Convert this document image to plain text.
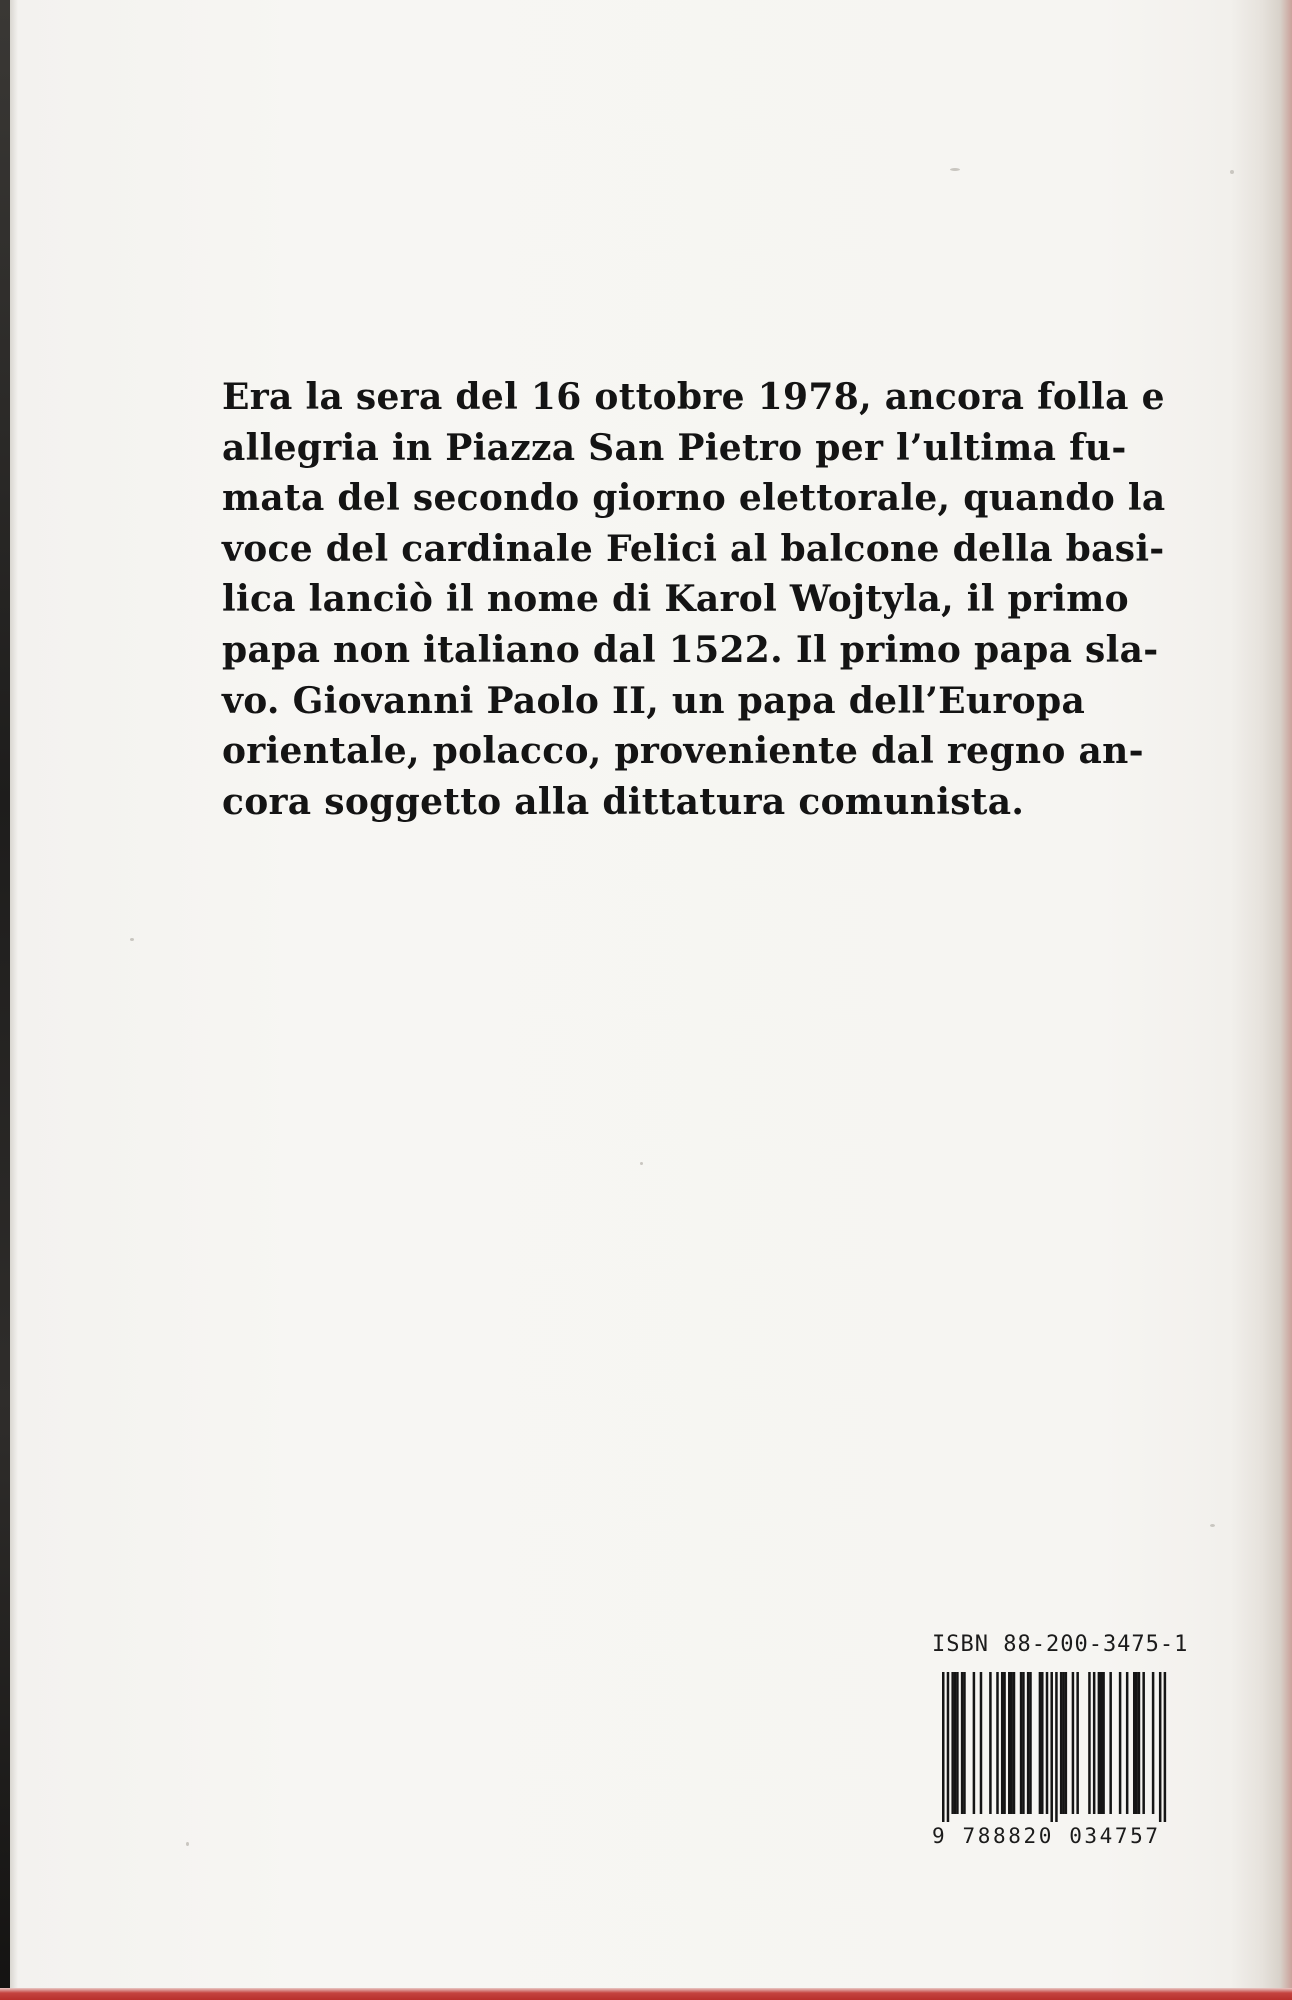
Era la sera del 16 ottobre 1978, ancora folla e
allegria in Piazza San Pietro per l’ultima fu-
mata del secondo giorno elettorale, quando la
voce del cardinale Felici al balcone della basi-
lica lanciò il nome di Karol Wojtyla, il primo
papa non italiano dal 1522. Il primo papa sla-
vo. Giovanni Paolo II, un papa dell’Europa
orientale, polacco, proveniente dal regno an-
cora soggetto alla dittatura comunista.
ISBN 88-200-3475-1
9 788820 034757
